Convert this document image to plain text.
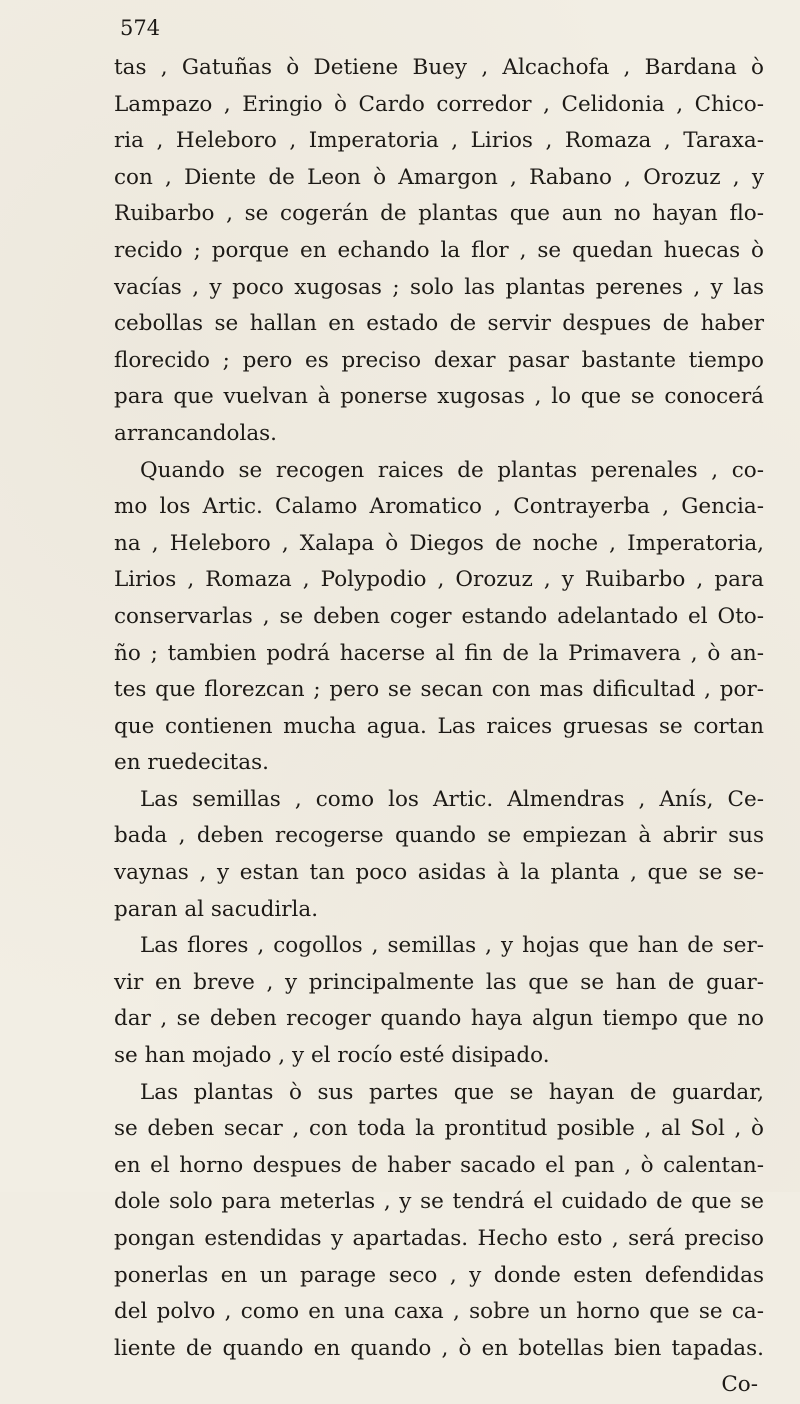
574
tas , Gatuñas ò Detiene Buey , Alcachofa , Bardana ò
Lampazo , Eringio ò Cardo corredor , Celidonia , Chico-
ria , Heleboro , Imperatoria , Lirios , Romaza , Taraxa-
con , Diente de Leon ò Amargon , Rabano , Orozuz , y
Ruibarbo , se cogerán de plantas que aun no hayan flo-
recido ; porque en echando la flor , se quedan huecas ò
vacías , y poco xugosas ; solo las plantas perenes , y las
cebollas se hallan en estado de servir despues de haber
florecido ; pero es preciso dexar pasar bastante tiempo
para que vuelvan à ponerse xugosas , lo que se conocerá
arrancandolas.
Quando se recogen raices de plantas perenales , co-
mo los Artic. Calamo Aromatico , Contrayerba , Gencia-
na , Heleboro , Xalapa ò Diegos de noche , Imperatoria,
Lirios , Romaza , Polypodio , Orozuz , y Ruibarbo , para
conservarlas , se deben coger estando adelantado el Oto-
ño ; tambien podrá hacerse al fin de la Primavera , ò an-
tes que florezcan ; pero se secan con mas dificultad , por-
que contienen mucha agua. Las raices gruesas se cortan
en ruedecitas.
Las semillas , como los Artic. Almendras , Anís, Ce-
bada , deben recogerse quando se empiezan à abrir sus
vaynas , y estan tan poco asidas à la planta , que se se-
paran al sacudirla.
Las flores , cogollos , semillas , y hojas que han de ser-
vir en breve , y principalmente las que se han de guar-
dar , se deben recoger quando haya algun tiempo que no
se han mojado , y el rocío esté disipado.
Las plantas ò sus partes que se hayan de guardar,
se deben secar , con toda la prontitud posible , al Sol , ò
en el horno despues de haber sacado el pan , ò calentan-
dole solo para meterlas , y se tendrá el cuidado de que se
pongan estendidas y apartadas. Hecho esto , será preciso
ponerlas en un parage seco , y donde esten defendidas
del polvo , como en una caxa , sobre un horno que se ca-
liente de quando en quando , ò en botellas bien tapadas.
Co-
